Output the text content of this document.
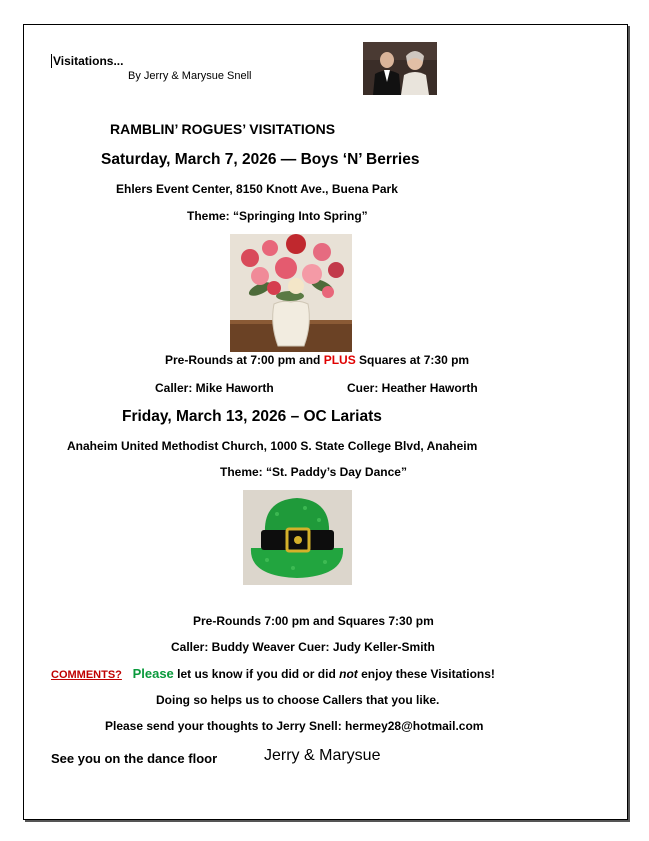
Visitations...
By Jerry & Marysue Snell
RAMBLIN’ ROGUES’ VISITATIONS
Saturday, March 7, 2026 — Boys ‘N’ Berries
Ehlers Event Center, 8150 Knott Ave., Buena Park
Theme: “Springing Into Spring”
Pre-Rounds at 7:00 pm and PLUS Squares at 7:30 pm
Caller: Mike Haworth	Cuer: Heather Haworth
Friday, March 13, 2026 – OC Lariats
Anaheim United Methodist Church, 1000 S. State College Blvd, Anaheim
Theme: “St. Paddy’s Day Dance”
Pre-Rounds 7:00 pm and Squares 7:30 pm
Caller: Buddy Weaver Cuer: Judy Keller-Smith
COMMENTS? Please let us know if you did or did not enjoy these Visitations!
Doing so helps us to choose Callers that you like.
Please send your thoughts to Jerry Snell: hermey28@hotmail.com
See you on the dance floor	Jerry & Marysue
